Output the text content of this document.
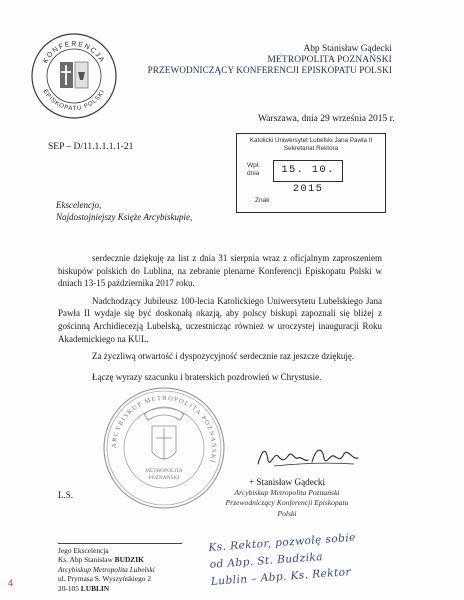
KONFERENCJA
EPISKOPATU POLSKI
Abp Stanisław Gądecki
METROPOLITA POZNAŃSKI
PRZEWODNICZĄCY KONFERENCJI EPISKOPATU POLSKI
Warszawa, dnia 29 września 2015 r.
SEP – D/11.1.1.1.1-21
Katolicki Uniwersytet Lubelski Jana Pawła II
Sekretariat Rektora
Wpł. dnia	15. 10. 2015
Znak
Ekscelencjo,
Najdostojniejszy Księże Arcybiskupie,

serdecznie dziękuję za list z dnia 31 sierpnia wraz z oficjalnym zaproszeniem biskupów polskich do Lublina, na zebranie plenarne Konferencji Episkopatu Polski w dniach 13-15 października 2017 roku.

Nadchodzący Jubileusz 100-lecia Katolickiego Uniwersytetu Lubelskiego Jana Pawła II wydaje się być doskonałą okazją, aby polscy biskupi zapoznali się bliżej z gościnną Archidiecezją Lubelską, uczestnicząc również w uroczystej inauguracji Roku Akademickiego na KUL.

Za życzliwą otwartość i dyspozycyjność serdecznie raz jeszcze dziękuję.

Łączę wyrazy szacunku i braterskich pozdrowień w Chrystusie.

ARCYBISKUP METROPOLITA POZNAŃSKI
METROPOLITA
POZNAŃSKI	+ Stanisław Gądecki
Arcybiskup Metropolita Poznański
Przewodniczący Konferencji Episkopatu Polski
L.S.
Jego Ekscelencja
Ks. Abp Stanisław BUDZIK
Arcybiskup Metropolita Lubelski
ul. Prymasa S. Wyszyńskiego 2
20-105 LUBLIN
Ks. Rektor, pozwolę sobie
od Abp. St. Budzika
Lublin – Abp. Ks. Rektor
4
